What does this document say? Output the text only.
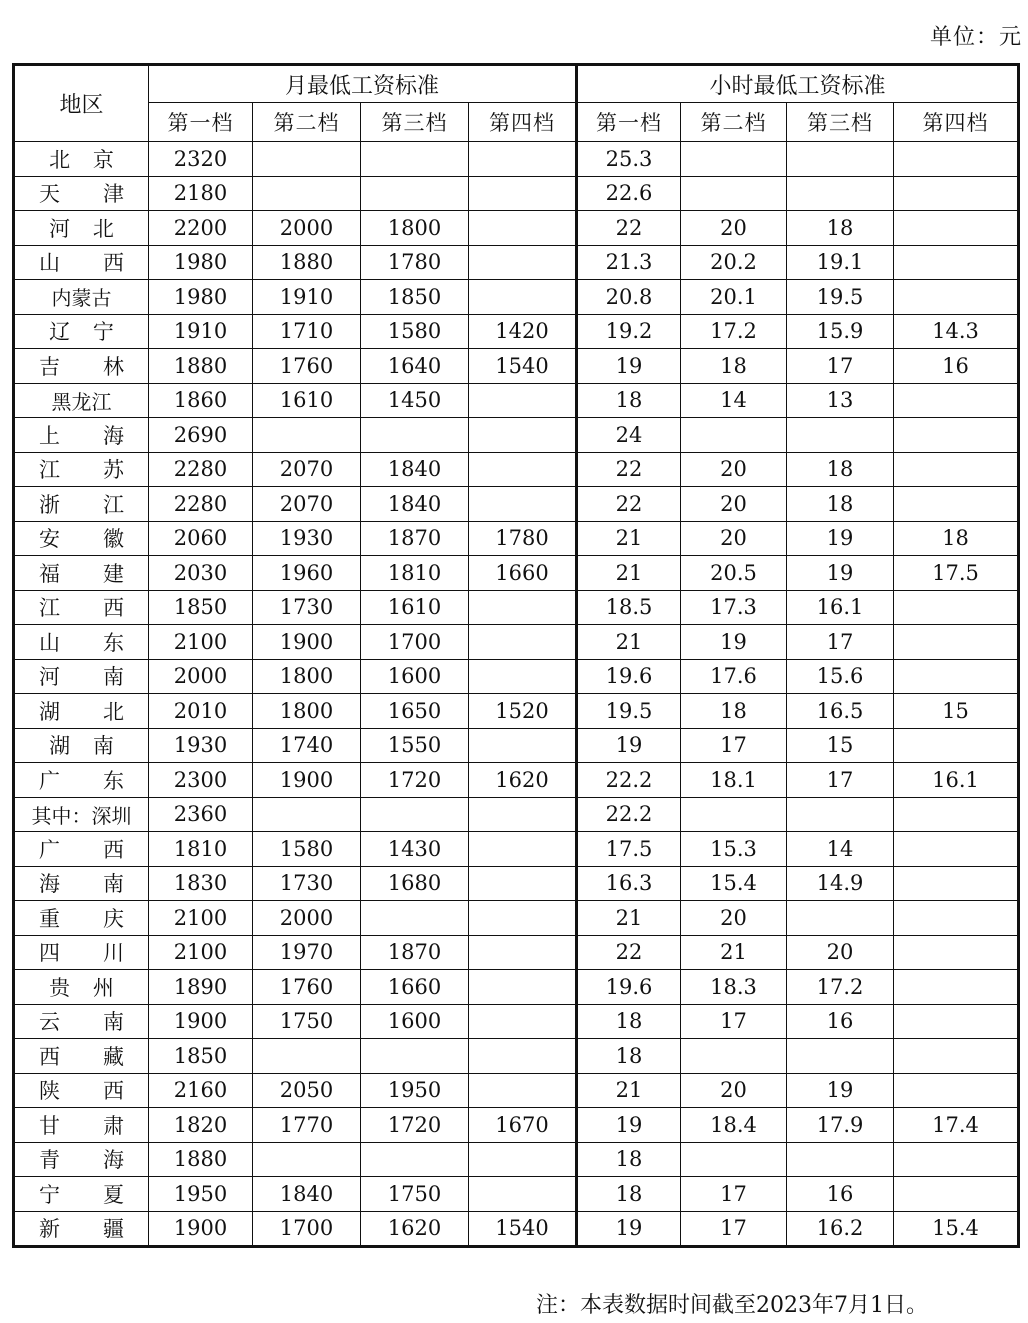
单位：元
地区	月最低工资标准				小时最低工资标准			
	第一档	第二档	第三档	第四档	第一档	第二档	第三档	第四档
北 京	2320				25.3			
天 津	2180				22.6			
河 北	2200	2000	1800		22	20	18	
山 西	1980	1880	1780		21.3	20.2	19.1	
内蒙古	1980	1910	1850		20.8	20.1	19.5	
辽 宁	1910	1710	1580	1420	19.2	17.2	15.9	14.3
吉 林	1880	1760	1640	1540	19	18	17	16
黑龙江	1860	1610	1450		18	14	13	
上 海	2690				24			
江 苏	2280	2070	1840		22	20	18	
浙 江	2280	2070	1840		22	20	18	
安 徽	2060	1930	1870	1780	21	20	19	18
福 建	2030	1960	1810	1660	21	20.5	19	17.5
江 西	1850	1730	1610		18.5	17.3	16.1	
山 东	2100	1900	1700		21	19	17	
河 南	2000	1800	1600		19.6	17.6	15.6	
湖 北	2010	1800	1650	1520	19.5	18	16.5	15
湖 南	1930	1740	1550		19	17	15	
广 东	2300	1900	1720	1620	22.2	18.1	17	16.1
其中：深圳	2360				22.2			
广 西	1810	1580	1430		17.5	15.3	14	
海 南	1830	1730	1680		16.3	15.4	14.9	
重 庆	2100	2000			21	20		
四 川	2100	1970	1870		22	21	20	
贵 州	1890	1760	1660		19.6	18.3	17.2	
云 南	1900	1750	1600		18	17	16	
西 藏	1850				18			
陕 西	2160	2050	1950		21	20	19	
甘 肃	1820	1770	1720	1670	19	18.4	17.9	17.4
青 海	1880				18			
宁 夏	1950	1840	1750		18	17	16	
新 疆	1900	1700	1620	1540	19	17	16.2	15.4
注：本表数据时间截至2023年7月1日。
